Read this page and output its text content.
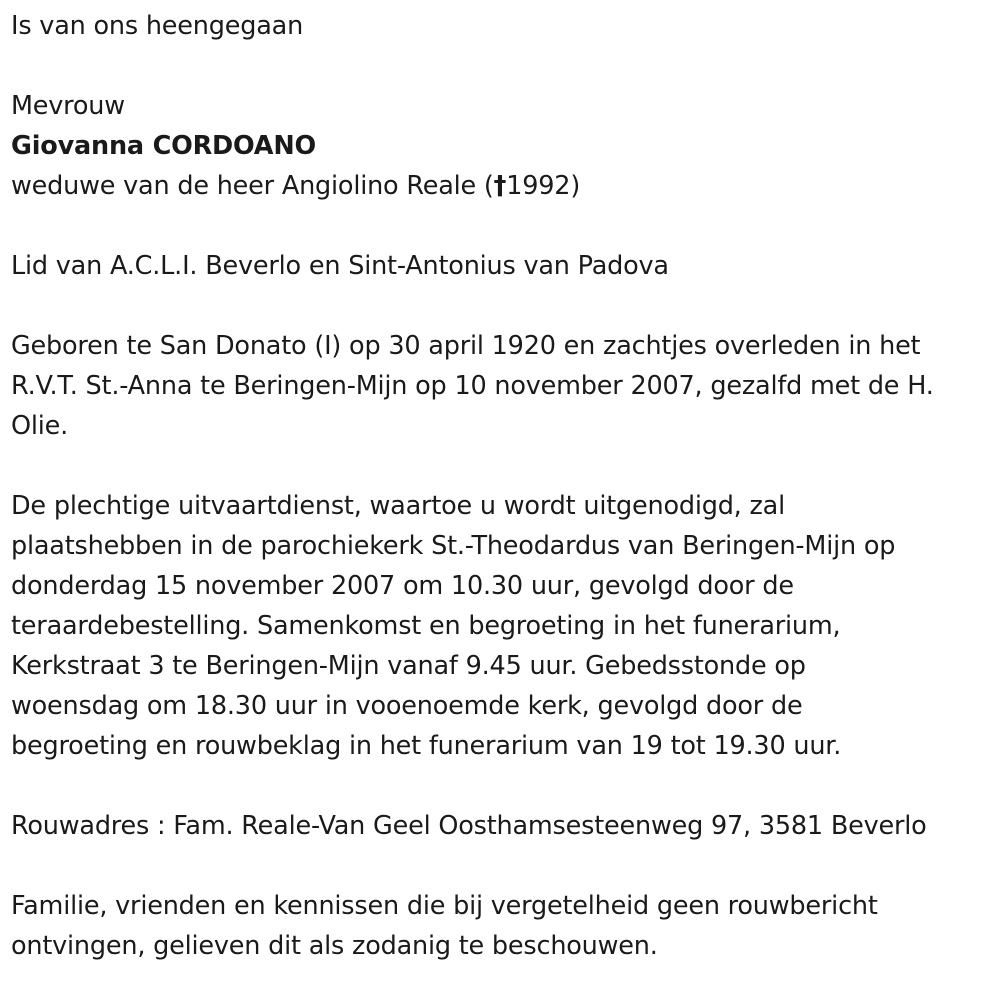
Is van ons heengegaan
Mevrouw
Giovanna CORDOANO
weduwe van de heer Angiolino Reale (†1992)
Lid van A.C.L.I. Beverlo en Sint-Antonius van Padova
Geboren te San Donato (I) op 30 april 1920 en zachtjes overleden in het
R.V.T. St.-Anna te Beringen-Mijn op 10 november 2007, gezalfd met de H.
Olie.
De plechtige uitvaartdienst, waartoe u wordt uitgenodigd, zal
plaatshebben in de parochiekerk St.-Theodardus van Beringen-Mijn op
donderdag 15 november 2007 om 10.30 uur, gevolgd door de
teraardebestelling. Samenkomst en begroeting in het funerarium,
Kerkstraat 3 te Beringen-Mijn vanaf 9.45 uur. Gebedsstonde op
woensdag om 18.30 uur in vooenoemde kerk, gevolgd door de
begroeting en rouwbeklag in het funerarium van 19 tot 19.30 uur.
Rouwadres : Fam. Reale-Van Geel Oosthamsesteenweg 97, 3581 Beverlo
Familie, vrienden en kennissen die bij vergetelheid geen rouwbericht
ontvingen, gelieven dit als zodanig te beschouwen.
